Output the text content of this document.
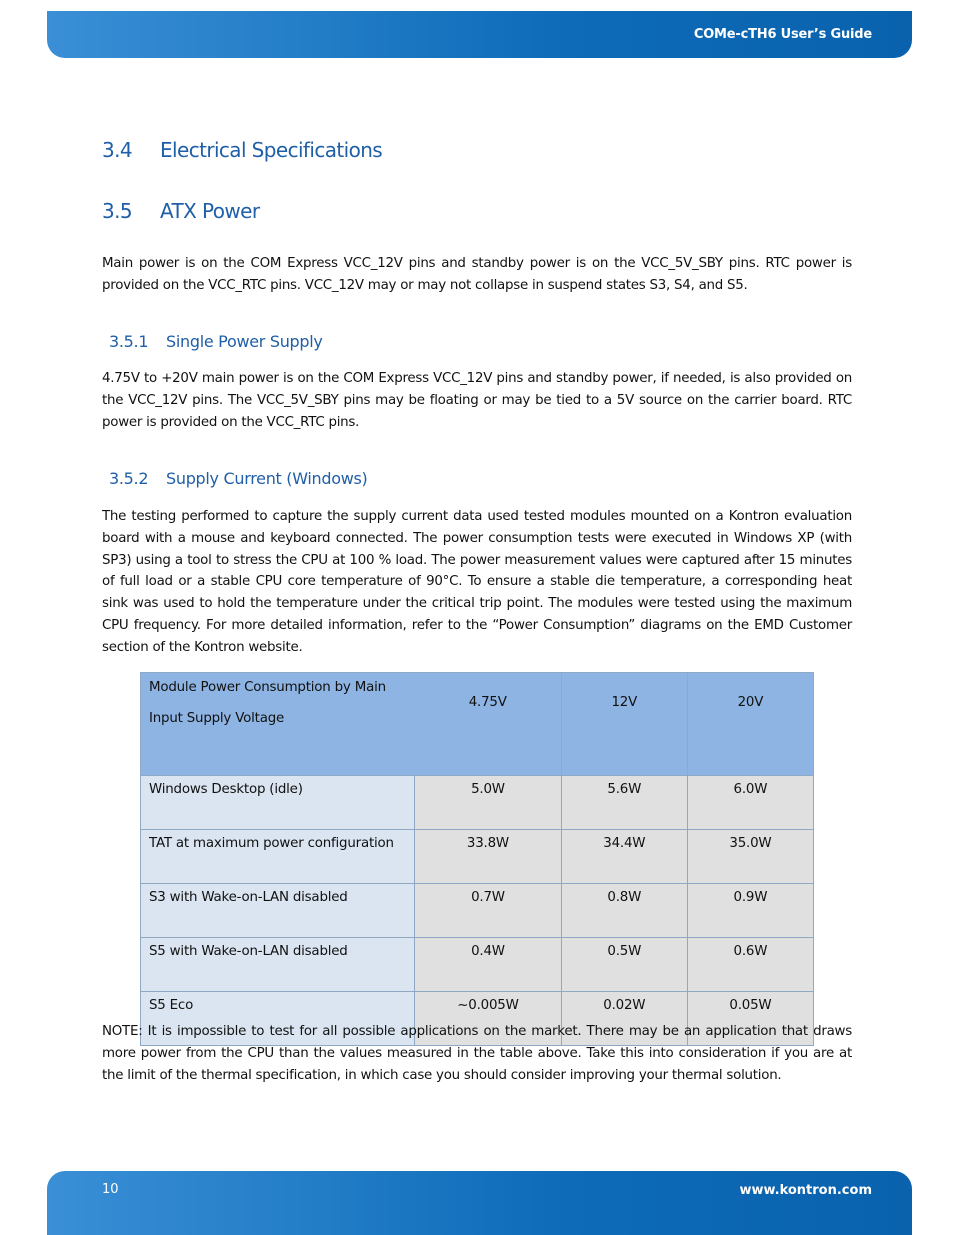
COMe-cTH6 User’s Guide
3.4 Electrical Specifications
3.5 ATX Power

Main power is on the COM Express VCC_12V pins and standby power is on the VCC_5V_SBY pins. RTC power is provided on the VCC_RTC pins. VCC_12V may or may not collapse in suspend states S3, S4, and S5.

3.5.1 Single Power Supply

4.75V to +20V main power is on the COM Express VCC_12V pins and standby power, if needed, is also provided on the VCC_12V pins. The VCC_5V_SBY pins may be floating or may be tied to a 5V source on the carrier board. RTC power is provided on the VCC_RTC pins.

3.5.2 Supply Current (Windows)

The testing performed to capture the supply current data used tested modules mounted on a Kontron evaluation board with a mouse and keyboard connected. The power consumption tests were executed in Windows XP (with SP3) using a tool to stress the CPU at 100 % load. The power measurement values were captured after 15 minutes of full load or a stable CPU core temperature of 90°C. To ensure a stable die temperature, a corresponding heat sink was used to hold the temperature under the critical trip point. The modules were tested using the maximum CPU frequency. For more detailed information, refer to the “Power Consumption” diagrams on the EMD Customer section of the Kontron website.

Module Power Consumption by Main
Input Supply Voltage	4.75V	12V	20V
Windows Desktop (idle)	5.0W	5.6W	6.0W
TAT at maximum power configuration	33.8W	34.4W	35.0W
S3 with Wake-on-LAN disabled	0.7W	0.8W	0.9W
S5 with Wake-on-LAN disabled	0.4W	0.5W	0.6W
S5 Eco	~0.005W	0.02W	0.05W

NOTE: It is impossible to test for all possible applications on the market. There may be an application that draws more power from the CPU than the values measured in the table above. Take this into consideration if you are at the limit of the thermal specification, in which case you should consider improving your thermal solution.

10	www.kontron.com
